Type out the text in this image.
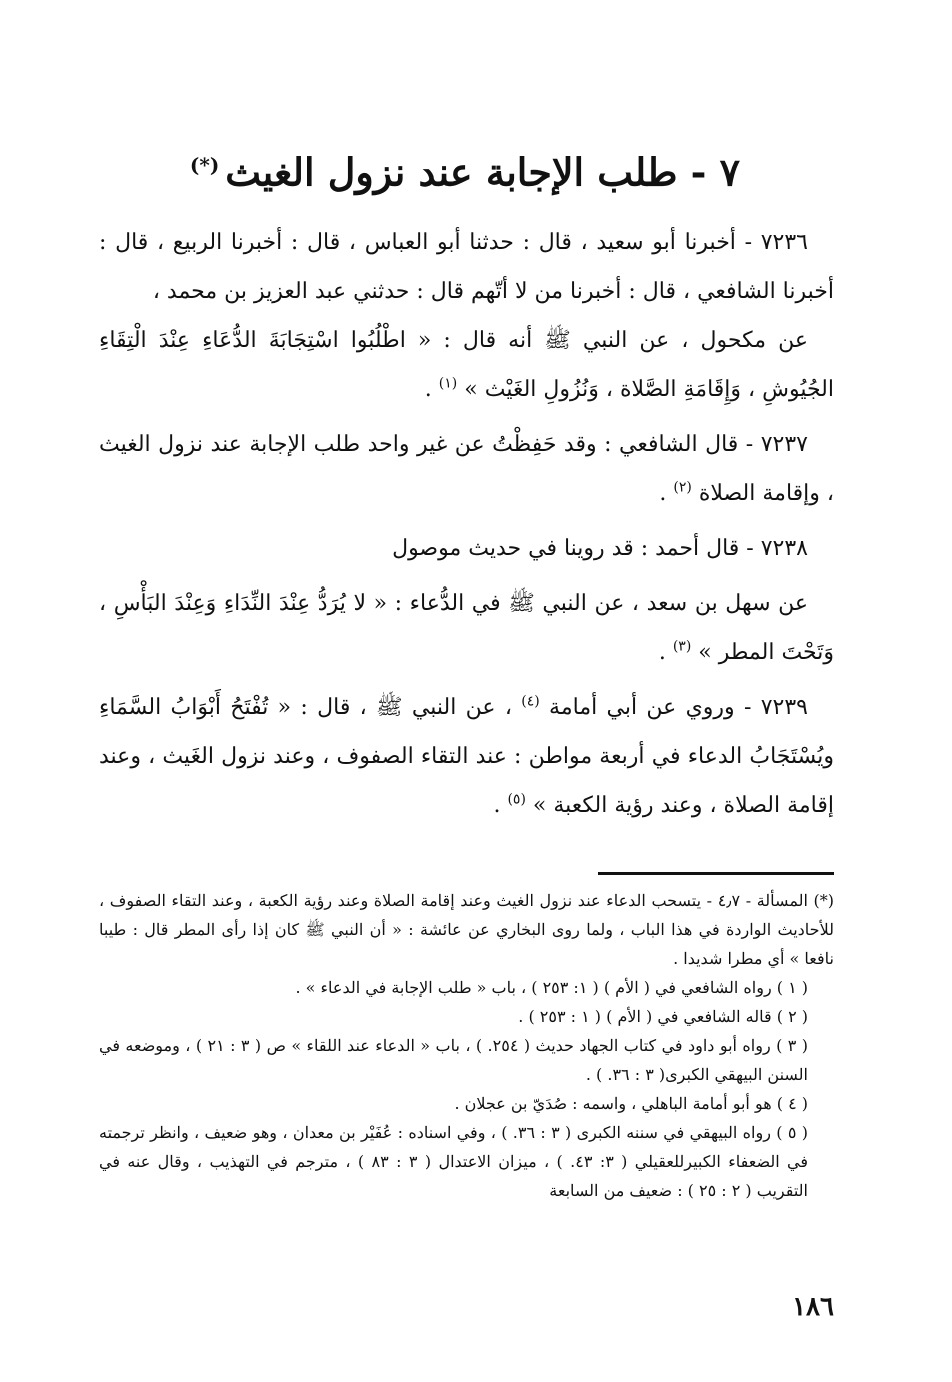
٧ - طلب الإجابة عند نزول الغيث(*)

٧٢٣٦ - أخبرنا أبو سعيد ، قال : حدثنا أبو العباس ، قال : أخبرنا الربيع ، قال : أخبرنا الشافعي ، قال : أخبرنا من لا أتّهم قال : حدثني عبد العزيز بن محمد ،

عن مكحول ، عن النبي ﷺ أنه قال : « اطْلُبُوا اسْتِجَابَةَ الدُّعَاءِ عِنْدَ الْتِقَاءِ الجُيُوشِ ، وَإِقَامَةِ الصَّلاة ، وَنُزُولِ الغَيْث » $^{(١)}$ .

٧٢٣٧ - قال الشافعي : وقد حَفِظْتُ عن غير واحد طلب الإجابة عند نزول الغيث ، وإقامة الصلاة $^{(٢)}$ .

٧٢٣٨ - قال أحمد : قد روينا في حديث موصول

عن سهل بن سعد ، عن النبي ﷺ في الدُّعاء : « لا يُرَدُّ عِنْدَ النِّدَاءِ وَعِنْدَ البَأْسِ ، وَتَحْتَ المطر » $^{(٣)}$ .

٧٢٣٩ - وروي عن أبي أمامة $^{(٤)}$ ، عن النبي ﷺ ، قال : « تُفْتَحُ أَبْوَابُ السَّمَاءِ ويُسْتَجَابُ الدعاء في أربعة مواطن : عند التقاء الصفوف ، وعند نزول الغَيث ، وعند إقامة الصلاة ، وعند رؤية الكعبة » $^{(٥)}$ .

(*) المسألة - ٤٫٧ - يتسحب الدعاء عند نزول الغيث وعند إقامة الصلاة وعند رؤية الكعبة ، وعند التقاء الصفوف ، للأحاديث الواردة في هذا الباب ، ولما روى البخاري عن عائشة : « أن النبي ﷺ كان إذا رأى المطر قال : طيبا نافعا » أي مطرا شديدا .

( ١ ) رواه الشافعي في ( الأم ) ( ١: ٢٥٣ ) ، باب « طلب الإجابة في الدعاء » .

( ٢ ) قاله الشافعي في ( الأم ) ( ١ : ٢٥٣ ) .

( ٣ ) رواه أبو داود في كتاب الجهاد حديث ( ٢٥٤. ) ، باب « الدعاء عند اللقاء » ص ( ٣ : ٢١ ) ، وموضعه في السنن البيهقي الكبرى( ٣ : ٣٦. ) .

( ٤ ) هو أبو أمامة الباهلي ، واسمه : صُدَيّ بن عجلان .

( ٥ ) رواه البيهقي في سننه الكبرى ( ٣ : ٣٦. ) ، وفي اسناده : عُفَيْر بن معدان ، وهو ضعيف ، وانظر ترجمته في الضعفاء الكبيرللعقيلي ( ٣: ٤٣. ) ، ميزان الاعتدال ( ٣ : ٨٣ ) ، مترجم في التهذيب ، وقال عنه في التقريب ( ٢ : ٢٥ ) : ضعيف من السابعة

١٨٦
